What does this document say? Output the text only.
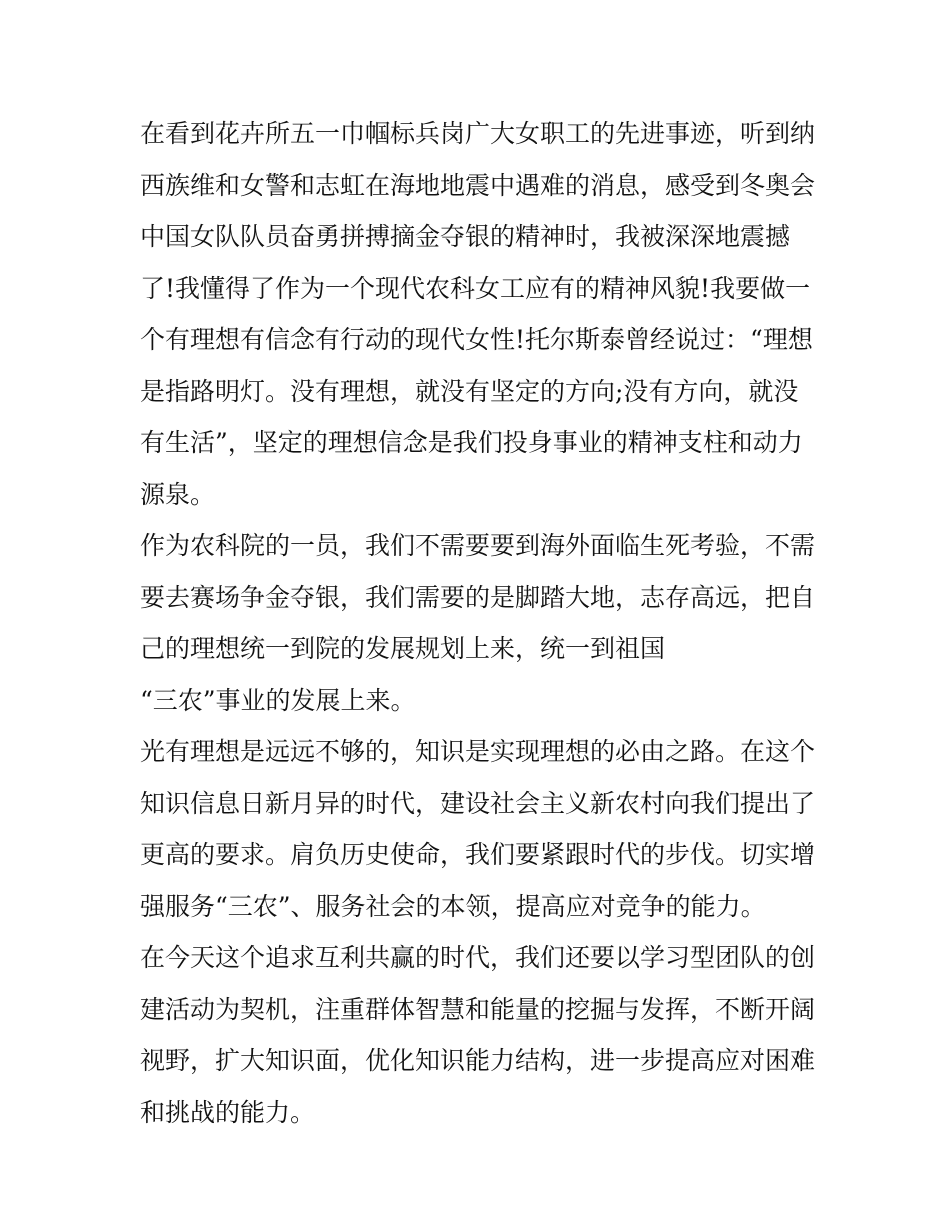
在看到花卉所五一巾帼标兵岗广大女职工的先进事迹，听到纳
西族维和女警和志虹在海地地震中遇难的消息，感受到冬奥会
中国女队队员奋勇拼搏摘金夺银的精神时，我被深深地震撼
了!我懂得了作为一个现代农科女工应有的精神风貌!我要做一
个有理想有信念有行动的现代女性!托尔斯泰曾经说过：“理想
是指路明灯。没有理想，就没有坚定的方向;没有方向，就没
有生活”，坚定的理想信念是我们投身事业的精神支柱和动力
源泉。
作为农科院的一员，我们不需要要到海外面临生死考验，不需
要去赛场争金夺银，我们需要的是脚踏大地，志存高远，把自
己的理想统一到院的发展规划上来，统一到祖国
“三农”事业的发展上来。
光有理想是远远不够的，知识是实现理想的必由之路。在这个
知识信息日新月异的时代，建设社会主义新农村向我们提出了
更高的要求。肩负历史使命，我们要紧跟时代的步伐。切实增
强服务“三农”、服务社会的本领，提高应对竞争的能力。
在今天这个追求互利共赢的时代，我们还要以学习型团队的创
建活动为契机，注重群体智慧和能量的挖掘与发挥，不断开阔
视野，扩大知识面，优化知识能力结构，进一步提高应对困难
和挑战的能力。
